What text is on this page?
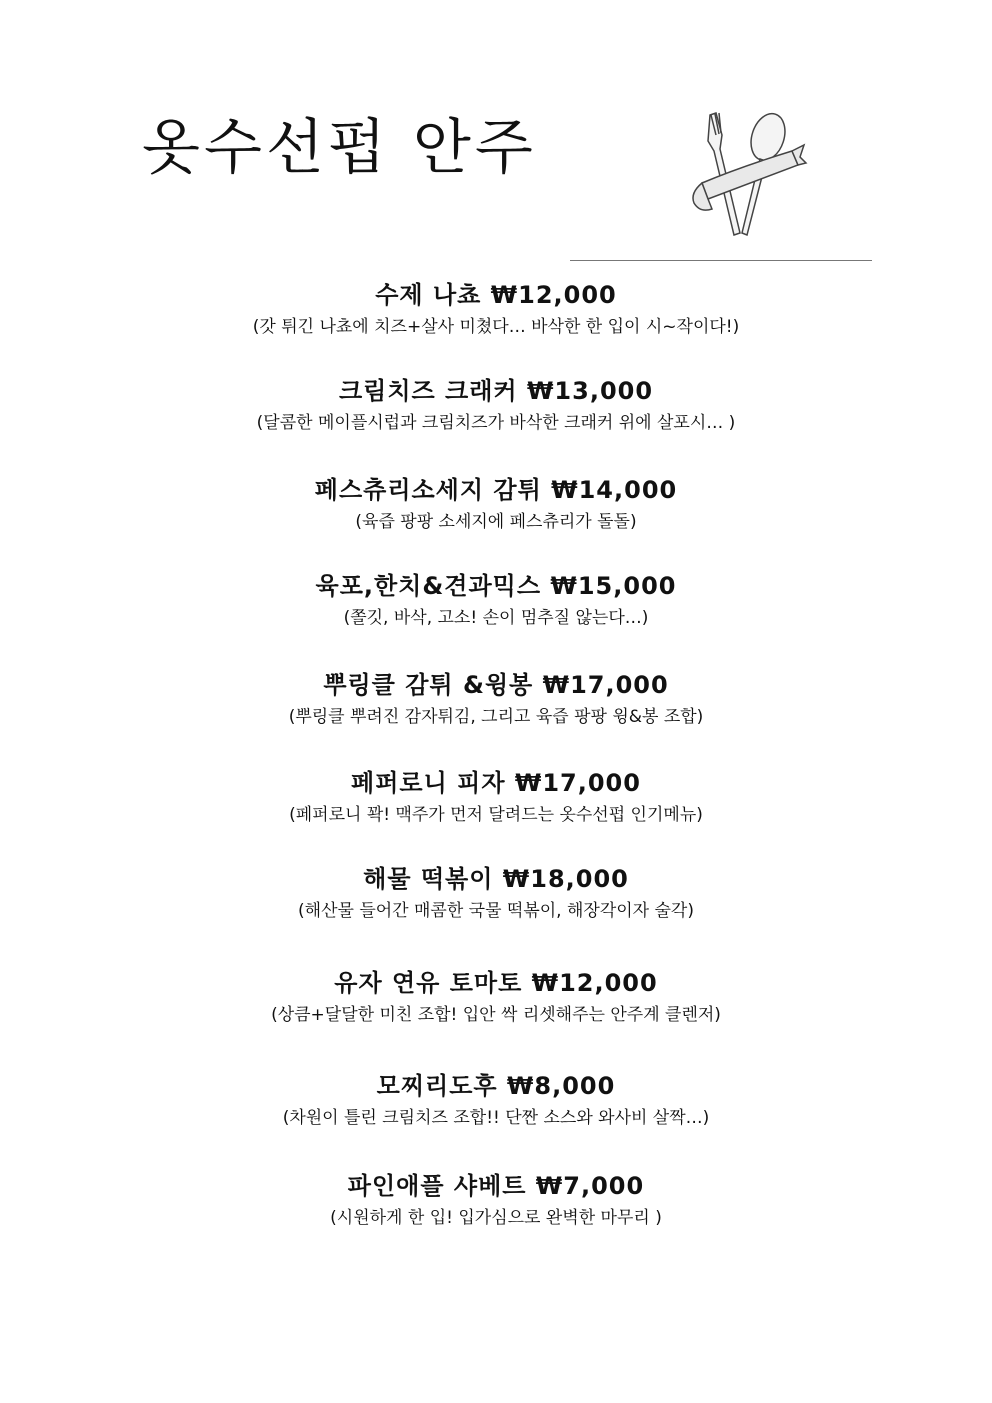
옷수선펍 안주
수제 나쵸 ₩12,000
(갓 튀긴 나쵸에 치즈+살사 미쳤다… 바삭한 한 입이 시~작이다!)
크림치즈 크래커 ₩13,000
(달콤한 메이플시럽과 크림치즈가 바삭한 크래커 위에 살포시… )
페스츄리소세지 감튀 ₩14,000
(육즙 팡팡 소세지에 페스츄리가 돌돌)
육포,한치&견과믹스 ₩15,000
(쫄깃, 바삭, 고소! 손이 멈추질 않는다…)
뿌링클 감튀 &윙봉 ₩17,000
(뿌링클 뿌려진 감자튀김, 그리고 육즙 팡팡 윙&봉 조합)
페퍼로니 피자 ₩17,000
(페퍼로니 꽉! 맥주가 먼저 달려드는 옷수선펍 인기메뉴)
해물 떡볶이 ₩18,000
(해산물 들어간 매콤한 국물 떡볶이, 해장각이자 술각)
유자 연유 토마토 ₩12,000
(상큼+달달한 미친 조합! 입안 싹 리셋해주는 안주계 클렌저)
모찌리도후 ₩8,000
(차원이 틀린 크림치즈 조합!! 단짠 소스와 와사비 살짝…)
파인애플 샤베트 ₩7,000
(시원하게 한 입! 입가심으로 완벽한 마무리 )
